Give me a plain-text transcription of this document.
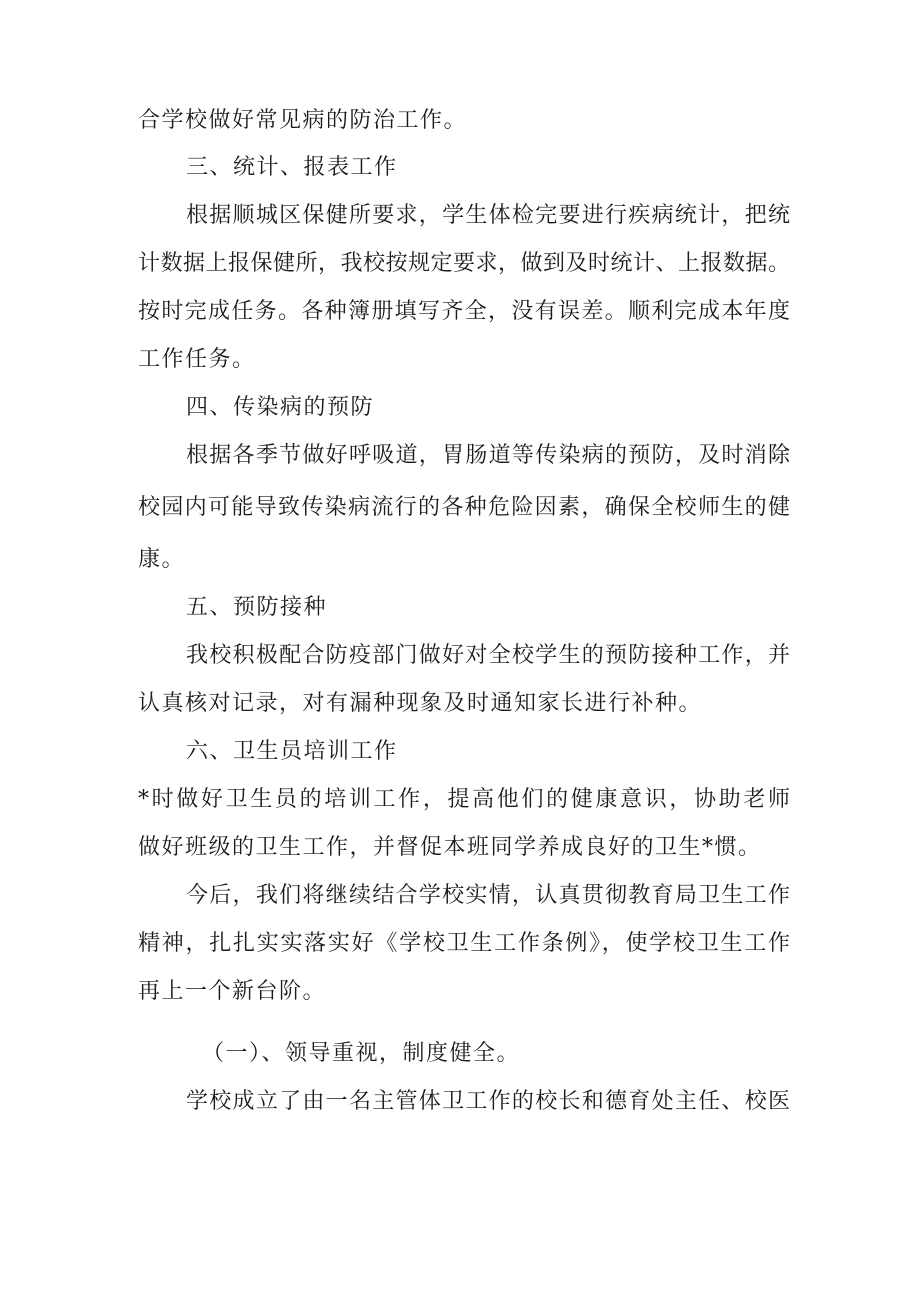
合学校做好常见病的防治工作。
三、统计、报表工作
根据顺城区保健所要求，学生体检完要进行疾病统计，把统
计数据上报保健所，我校按规定要求，做到及时统计、上报数据。
按时完成任务。各种簿册填写齐全，没有误差。顺利完成本年度
工作任务。
四、传染病的预防
根据各季节做好呼吸道，胃肠道等传染病的预防，及时消除
校园内可能导致传染病流行的各种危险因素，确保全校师生的健
康。
五、预防接种
我校积极配合防疫部门做好对全校学生的预防接种工作，并
认真核对记录，对有漏种现象及时通知家长进行补种。
六、卫生员培训工作
*时做好卫生员的培训工作，提高他们的健康意识，协助老师
做好班级的卫生工作，并督促本班同学养成良好的卫生*惯。
今后，我们将继续结合学校实情，认真贯彻教育局卫生工作
精神，扎扎实实落实好《学校卫生工作条例》，使学校卫生工作
再上一个新台阶。
（一）、领导重视，制度健全。
学校成立了由一名主管体卫工作的校长和德育处主任、校医
